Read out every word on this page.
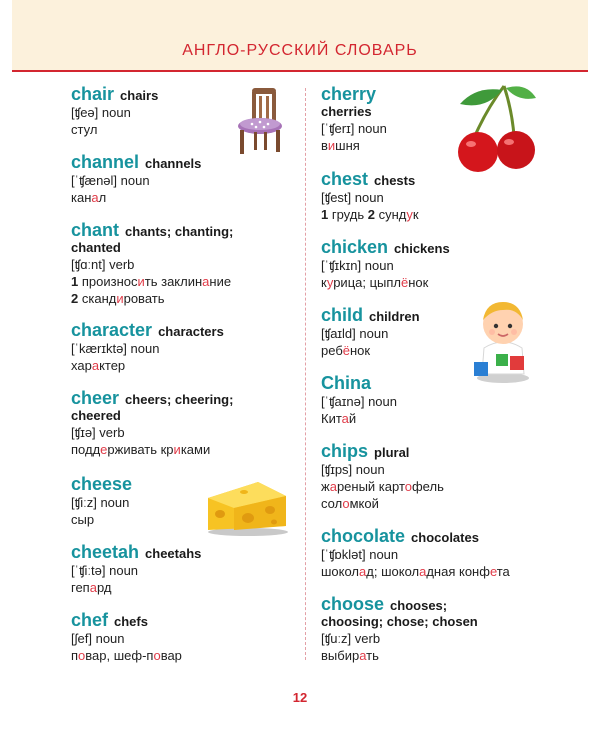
АНГЛО-РУССКИЙ СЛОВАРЬ
chair chairs
[ʧeə] noun
стул
channel channels
[ˈʧænəl] noun
канал
chant chants; chanting;
chanted
[ʧɑːnt] verb
1 произносить заклинание
2 скандировать
character characters
[ˈkærɪktə] noun
характер
cheer cheers; cheering;
cheered
[ʧɪə] verb
поддерживать криками
cheese
[ʧiːz] noun
сыр
cheetah cheetahs
[ˈʧiːtə] noun
гепард
chef chefs
[ʃef] noun
повар, шеф-повар
cherry
cherries
[ˈʧerɪ] noun
вишня
chest chests
[ʧest] noun
1 грудь 2 сундук
chicken chickens
[ˈʧɪkɪn] noun
курица; цыплёнок
child children
[ʧaɪld] noun
ребёнок
China
[ˈʧaɪnə] noun
Китай
chips plural
[ʧɪps] noun
жареный картофель
соломкой
chocolate chocolates
[ˈʧɒklət] noun
шоколад; шоколадная конфета
choose chooses;
choosing; chose; chosen
[ʧuːz] verb
выбирать
12
